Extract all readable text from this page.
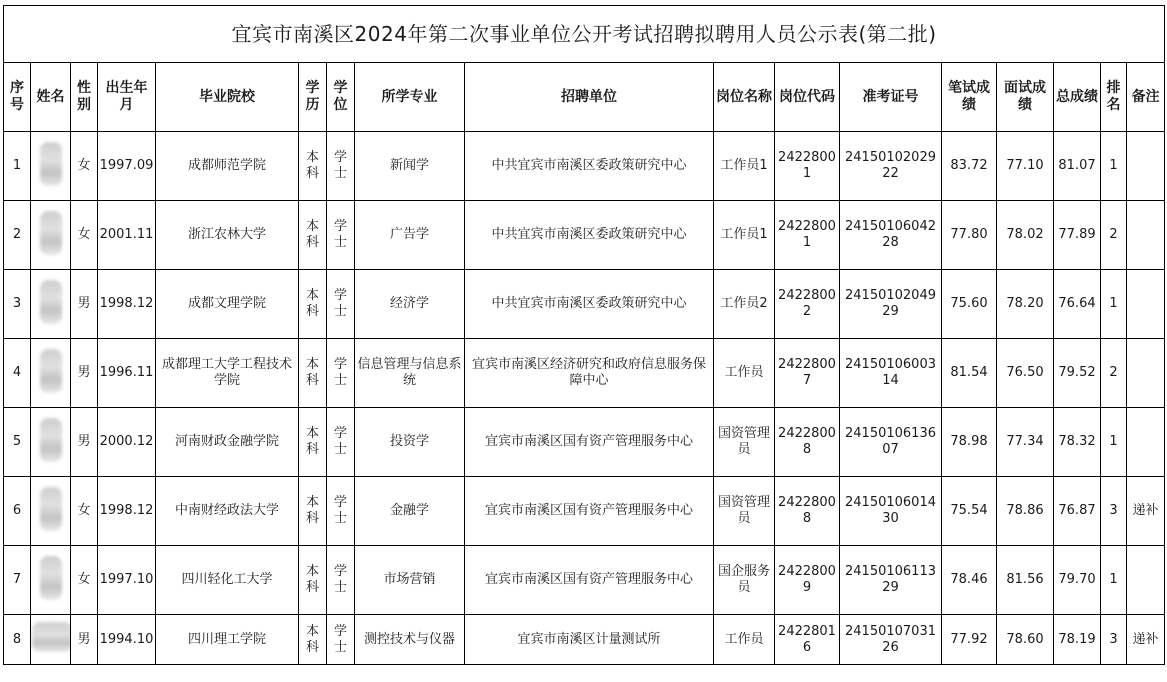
宜宾市南溪区2024年第二次事业单位公开考试招聘拟聘用人员公示表(第二批)																
序号	姓名	性别	出生年月	毕业院校	学历	学位	所学专业	招聘单位	岗位名称	岗位代码	准考证号	笔试成绩	面试成绩	总成绩	排名	备注
1		女	1997.09	成都师范学院	本科	学士	新闻学	中共宜宾市南溪区委政策研究中心	工作员1	24228001	2415010202922	83.72	77.10	81.07	1	
2		女	2001.11	浙江农林大学	本科	学士	广告学	中共宜宾市南溪区委政策研究中心	工作员1	24228001	2415010604228	77.80	78.02	77.89	2	
3		男	1998.12	成都文理学院	本科	学士	经济学	中共宜宾市南溪区委政策研究中心	工作员2	24228002	2415010204929	75.60	78.20	76.64	1	
4		男	1996.11	成都理工大学工程技术学院	本科	学士	信息管理与信息系统	宜宾市南溪区经济研究和政府信息服务保障中心	工作员	24228007	2415010600314	81.54	76.50	79.52	2	
5		男	2000.12	河南财政金融学院	本科	学士	投资学	宜宾市南溪区国有资产管理服务中心	国资管理员	24228008	2415010613607	78.98	77.34	78.32	1	
6		女	1998.12	中南财经政法大学	本科	学士	金融学	宜宾市南溪区国有资产管理服务中心	国资管理员	24228008	2415010601430	75.54	78.86	76.87	3	递补
7		女	1997.10	四川轻化工大学	本科	学士	市场营销	宜宾市南溪区国有资产管理服务中心	国企服务员	24228009	2415010611329	78.46	81.56	79.70	1	
8		男	1994.10	四川理工学院	本科	学士	测控技术与仪器	宜宾市南溪区计量测试所	工作员	24228016	2415010703126	77.92	78.60	78.19	3	递补
